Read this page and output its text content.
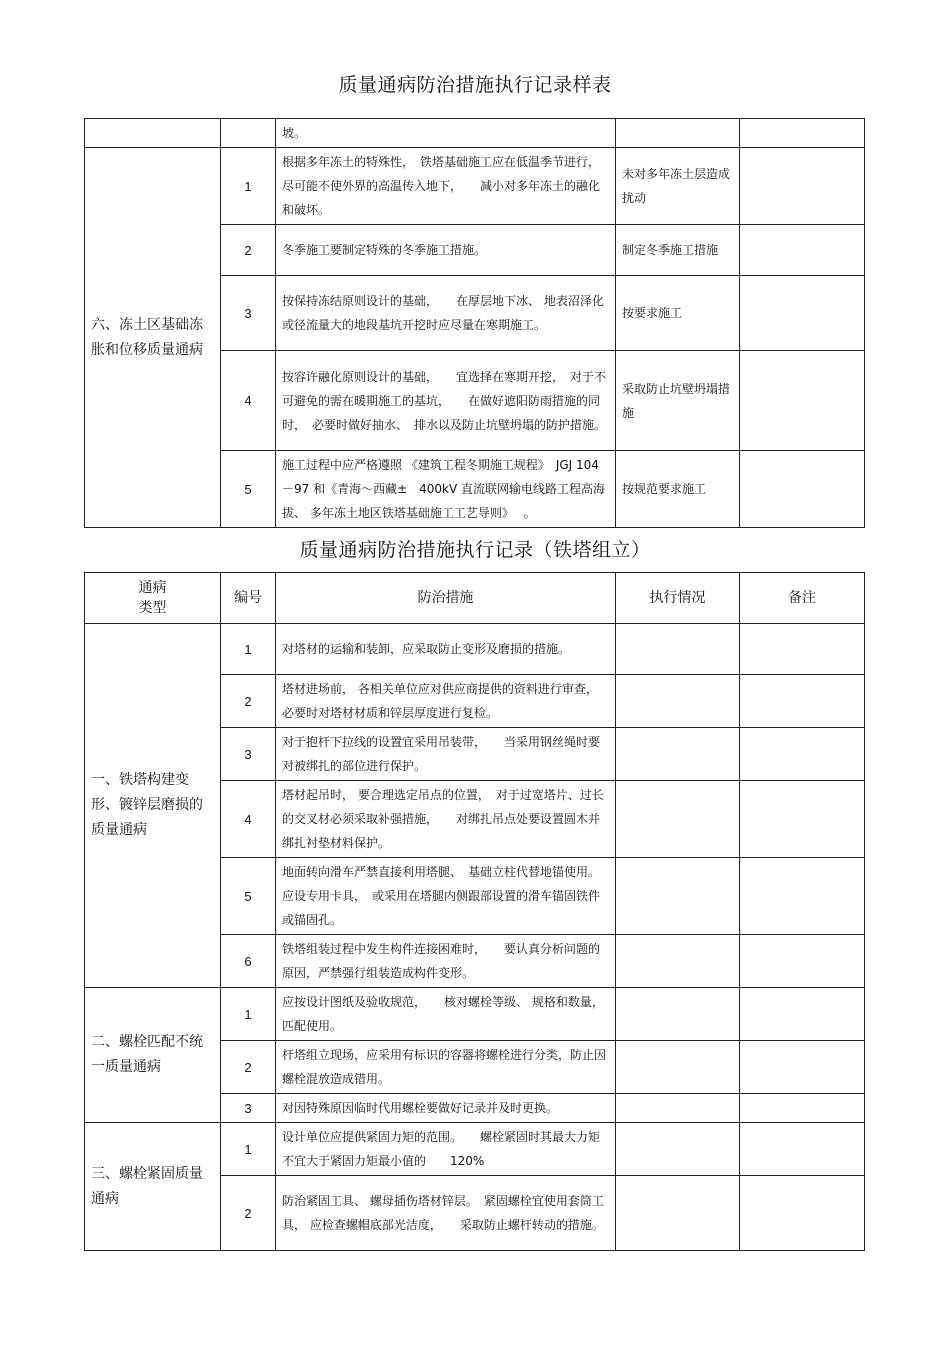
质量通病防治措施执行记录样表
		坡。		
六、冻土区基础冻胀和位移质量通病	1	根据多年冻土的特殊性，　铁塔基础施工应在低温季节进行，尽可能不使外界的高温传入地下，　　减小对多年冻土的融化和破坏。	未对多年冻土层造成扰动	
	2	冬季施工要制定特殊的冬季施工措施。	制定冬季施工措施	
	3	按保持冻结原则设计的基础，　　在厚层地下冰、 地表沼泽化或径流量大的地段基坑开挖时应尽量在寒期施工。	按要求施工	
	4	按容许融化原则设计的基础，　　宜选择在寒期开挖，　对于不可避免的需在暖期施工的基坑，　　在做好遮阳防雨措施的同时，　必要时做好抽水、　排水以及防止坑壁坍塌的防护措施。	采取防止坑壁坍塌措施	
	5	施工过程中应严格遵照 《建筑工程冬期施工规程》　JGJ 104－97 和《青海～西藏±　400kV 直流联网输电线路工程高海拔、 多年冻土地区铁塔基础施工工艺导则》　 。	按规范要求施工	
质量通病防治措施执行记录（铁塔组立）
通病
类型	编号	防治措施	执行情况	备注
一、铁塔构建变形、镀锌层磨损的质量通病	1	对塔材的运输和装卸，应采取防止变形及磨损的措施。		
	2	塔材进场前， 各相关单位应对供应商提供的资料进行审查，必要时对塔材材质和锌层厚度进行复检。		
	3	对于抱杆下拉线的设置宜采用吊装带，　　当采用钢丝绳时要对被绑扎的部位进行保护。		
	4	塔材起吊时， 要合理选定吊点的位置，　对于过宽塔片、过长的交叉材必须采取补强措施，　　对绑扎吊点处要设置圆木并绑扎衬垫材料保护。		
	5	地面转向滑车严禁直接利用塔腿、　基础立柱代替地锚使用。应设专用卡具，　或采用在塔腿内侧跟部设置的滑车锚固铁件或锚固孔。		
	6	铁塔组装过程中发生构件连接困难时，　　要认真分析问题的原因，严禁强行组装造成构件变形。		
二、螺栓匹配不统一质量通病	1	应按设计图纸及验收规范，　　核对螺栓等级、 规格和数量，匹配使用。		
	2	杆塔组立现场，应采用有标识的容器将螺栓进行分类，防止因螺栓混放造成错用。		
	3	对因特殊原因临时代用螺栓要做好记录并及时更换。		
三、螺栓紧固质量通病	1	设计单位应提供紧固力矩的范围。　　螺栓紧固时其最大力矩不宜大于紧固力矩最小值的　　120%		
	2	防治紧固工具、 螺母插伤塔材锌层。　紧固螺栓宜使用套筒工具， 应检查螺帽底部光洁度，　　采取防止螺杆转动的措施。		
